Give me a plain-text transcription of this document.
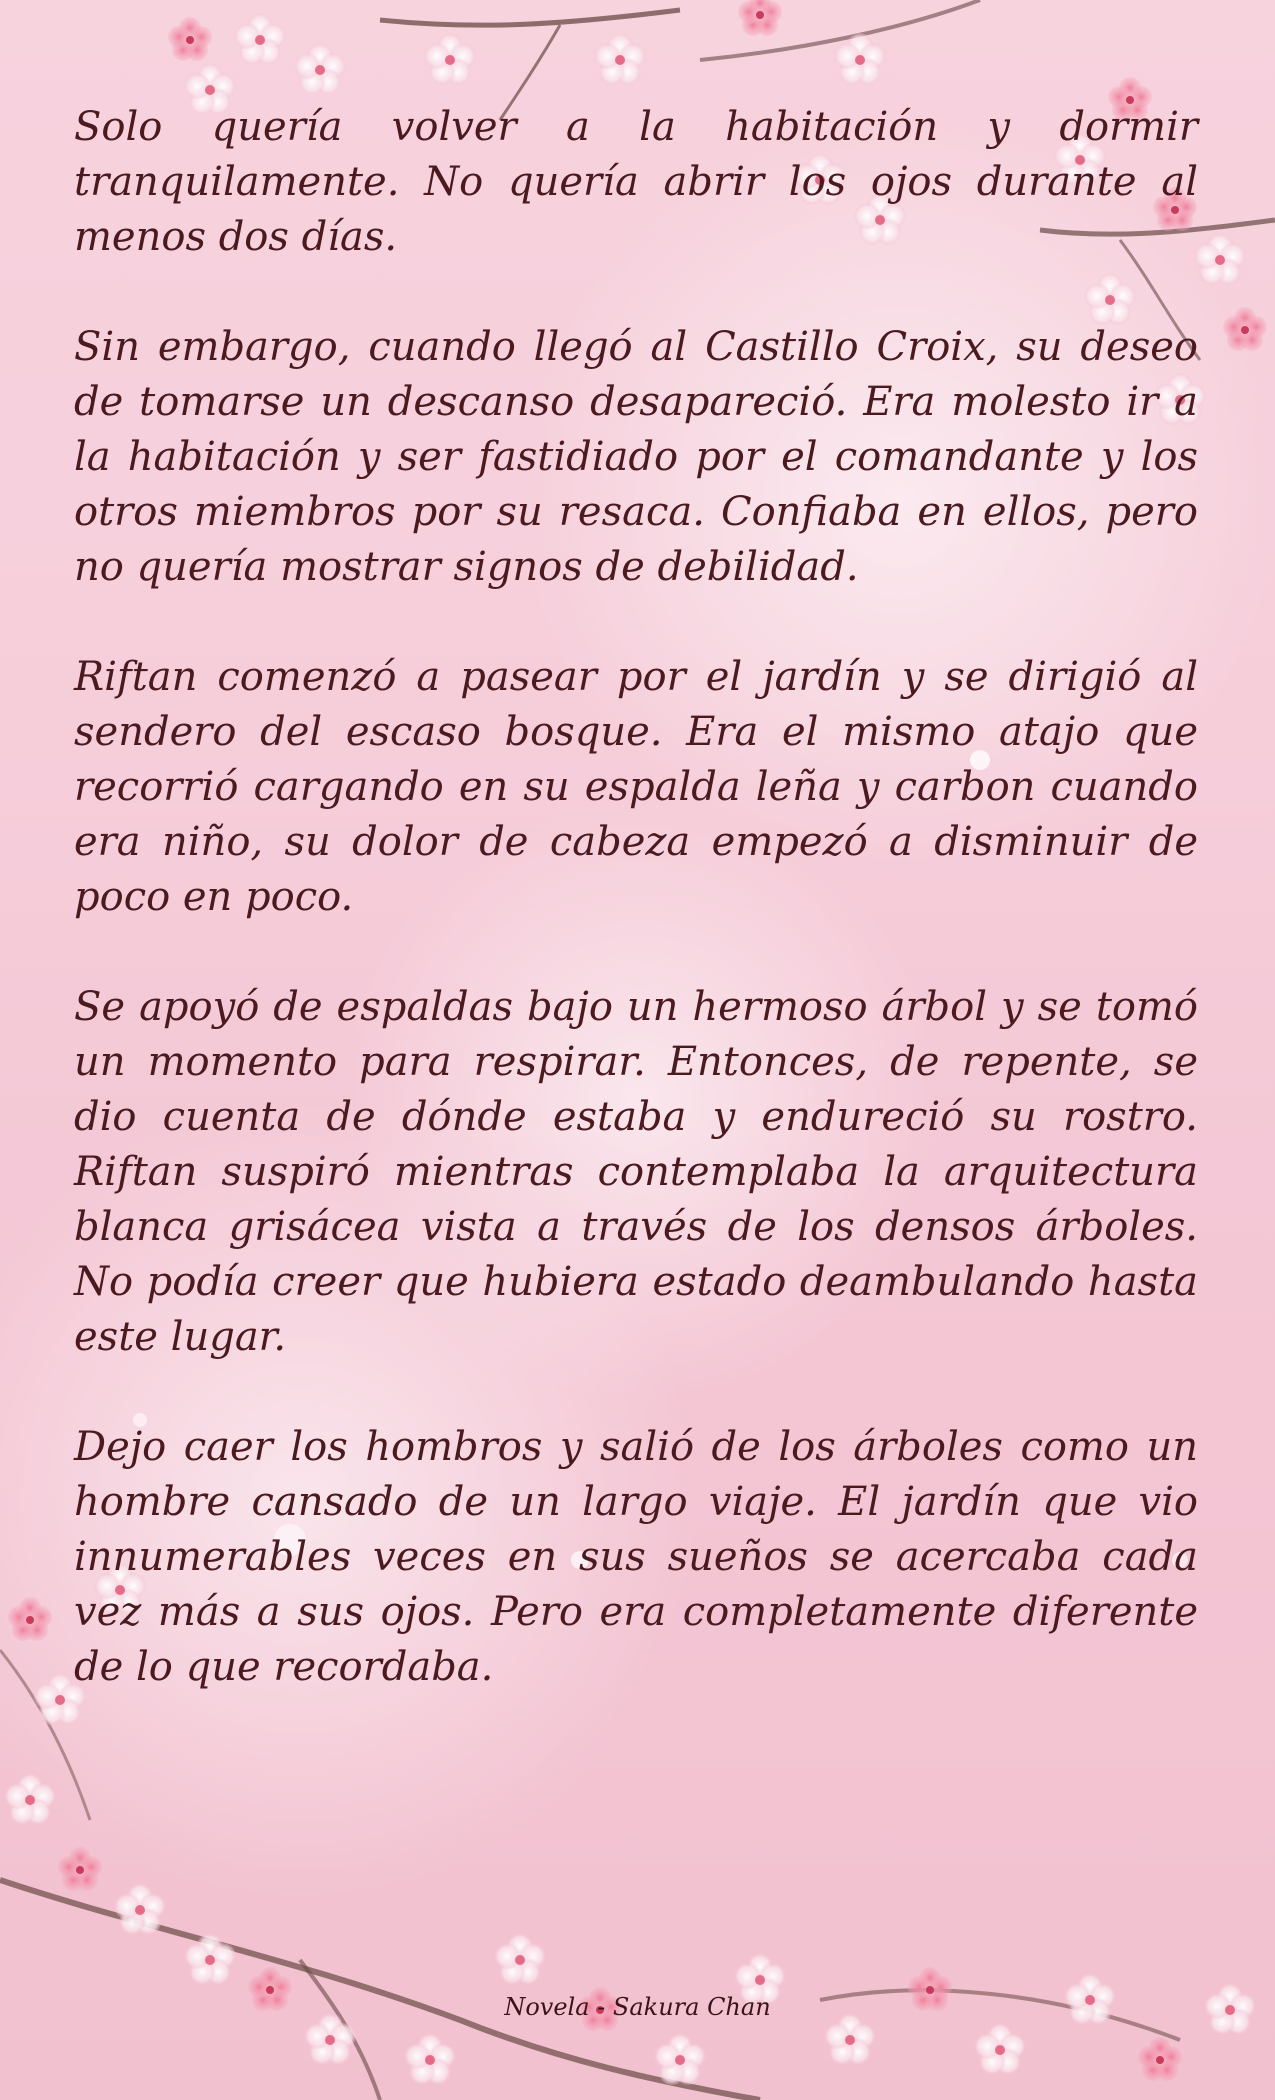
Solo quería volver a la habitación y dormir tranquilamente. No quería abrir los ojos durante al menos dos días.

Sin embargo, cuando llegó al Castillo Croix, su deseo de tomarse un descanso desapareció. Era molesto ir a la habitación y ser fastidiado por el comandante y los otros miembros por su resaca. Confiaba en ellos, pero no quería mostrar signos de debilidad.

Riftan comenzó a pasear por el jardín y se dirigió al sendero del escaso bosque. Era el mismo atajo que recorrió cargando en su espalda leña y carbon cuando era niño, su dolor de cabeza empezó a disminuir de poco en poco.

Se apoyó de espaldas bajo un hermoso árbol y se tomó un momento para respirar. Entonces, de repente, se dio cuenta de dónde estaba y endureció su rostro. Riftan suspiró mientras contemplaba la arquitectura blanca grisácea vista a través de los densos árboles. No podía creer que hubiera estado deambulando hasta este lugar.

Dejo caer los hombros y salió de los árboles como un hombre cansado de un largo viaje. El jardín que vio innumerables veces en sus sueños se acercaba cada vez más a sus ojos. Pero era completamente diferente de lo que recordaba.

Novela - Sakura Chan
